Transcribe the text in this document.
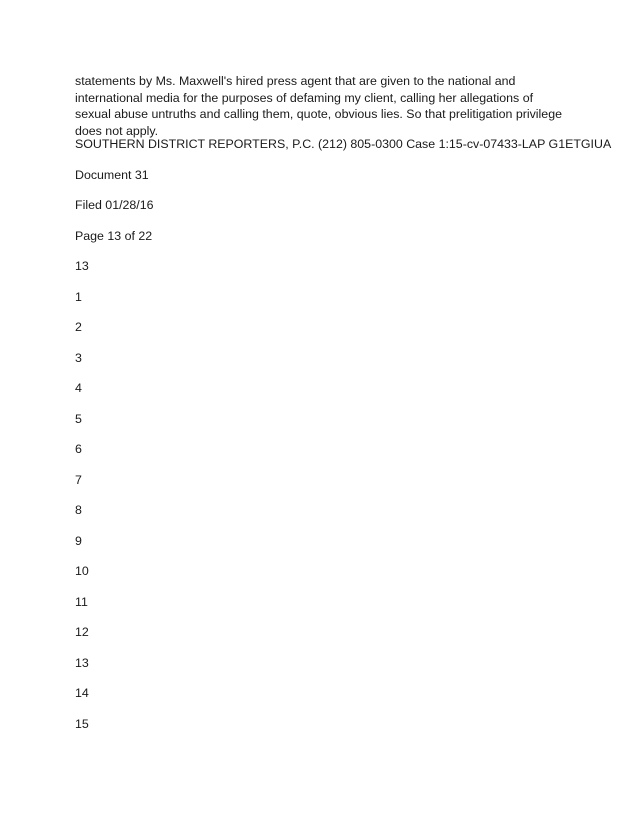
statements by Ms. Maxwell's hired press agent that are given to the national and international media for the purposes of defaming my client, calling her allegations of sexual abuse untruths and calling them, quote, obvious lies. So that prelitigation privilege does not apply.

SOUTHERN DISTRICT REPORTERS, P.C. (212) 805-0300 Case 1:15-cv-07433-LAP G1ETGIUA
Document 31
Filed 01/28/16
Page 13 of 22
13
1
2
3
4
5
6
7
8
9
10
11
12
13
14
15
